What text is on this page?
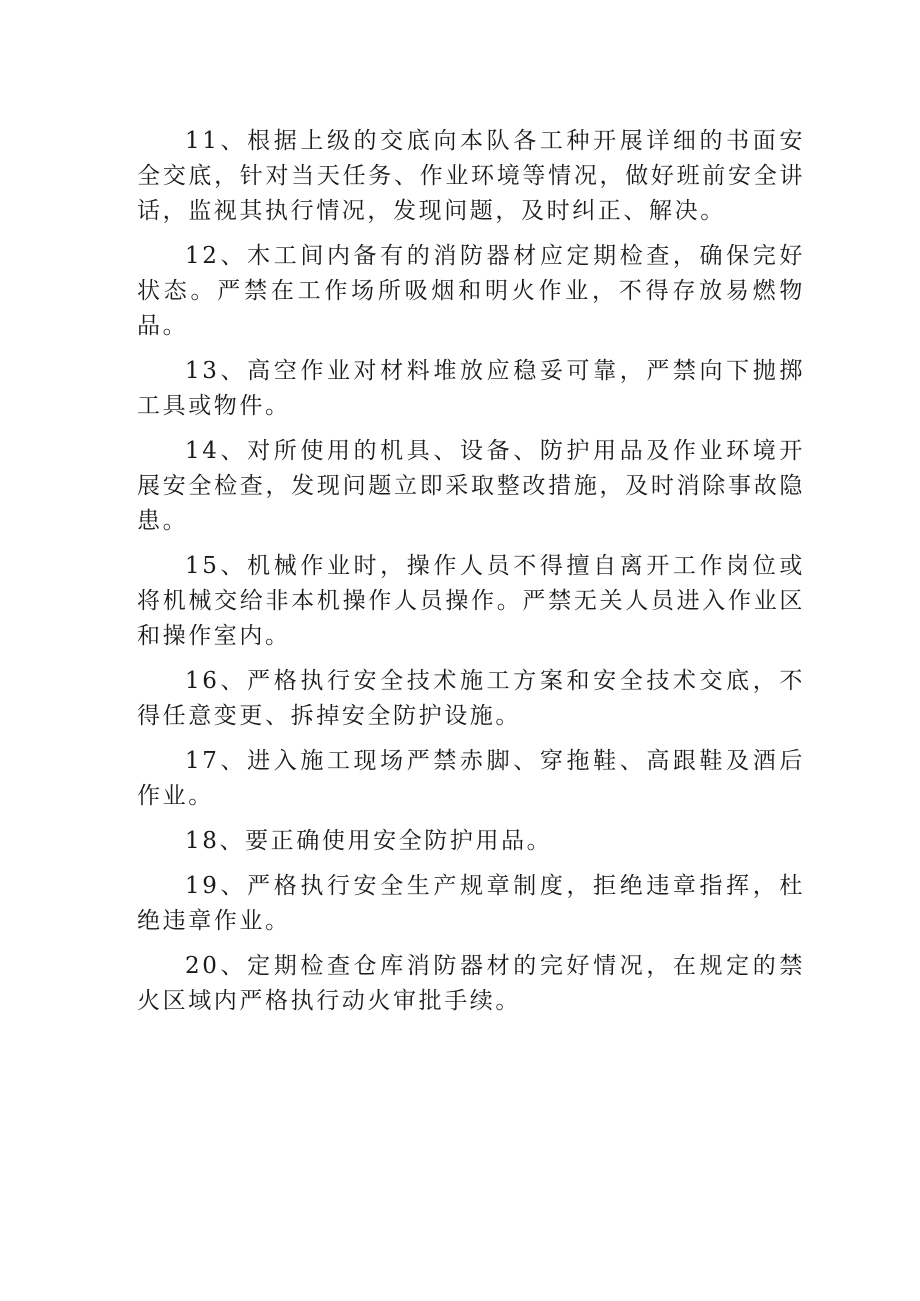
11、根据上级的交底向本队各工种开展详细的书面安全交底，针对当天任务、作业环境等情况，做好班前安全讲话，监视其执行情况，发现问题，及时纠正、解决。

12、木工间内备有的消防器材应定期检查，确保完好状态。严禁在工作场所吸烟和明火作业，不得存放易燃物品。

13、高空作业对材料堆放应稳妥可靠，严禁向下抛掷工具或物件。

14、对所使用的机具、设备、防护用品及作业环境开展安全检查，发现问题立即采取整改措施，及时消除事故隐患。

15、机械作业时，操作人员不得擅自离开工作岗位或将机械交给非本机操作人员操作。严禁无关人员进入作业区和操作室内。

16、严格执行安全技术施工方案和安全技术交底，不得任意变更、拆掉安全防护设施。

17、进入施工现场严禁赤脚、穿拖鞋、高跟鞋及酒后作业。

18、要正确使用安全防护用品。

19、严格执行安全生产规章制度，拒绝违章指挥，杜绝违章作业。

20、定期检查仓库消防器材的完好情况，在规定的禁火区域内严格执行动火审批手续。
